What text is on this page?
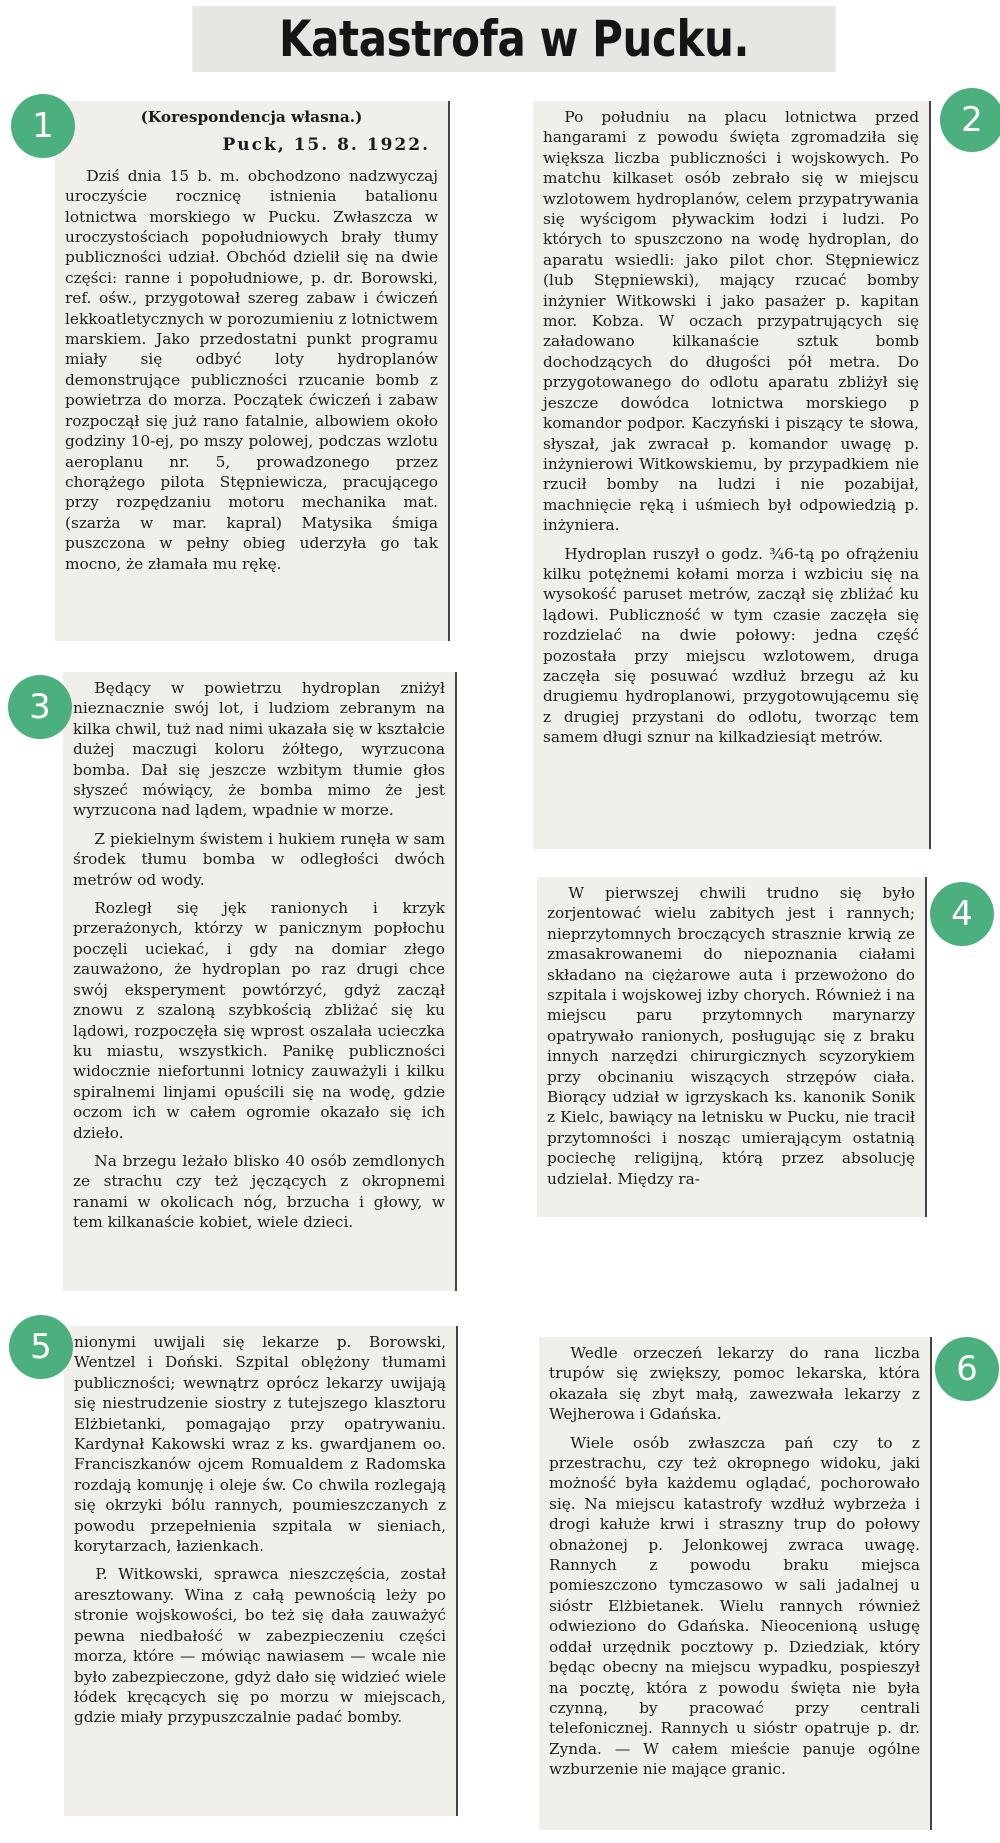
Katastrofa w Pucku.

(Korespondencja własna.)

Puck, 15. 8. 1922.

Dziś dnia 15 b. m. obchodzono nadzwyczaj uroczyście rocznicę istnienia batalionu lotnictwa morskiego w Pucku. Zwłaszcza w uroczystościach popołudniowych brały tłumy publiczności udział. Obchód dzielił się na dwie części: ranne i popołudniowe, p. dr. Borowski, ref. ośw., przygotował szereg zabaw i ćwiczeń lekkoatletycznych w porozumieniu z lotnictwem marskiem. Jako przedostatni punkt programu miały się odbyć loty hydroplanów demonstrujące publiczności rzucanie bomb z powietrza do morza. Początek ćwiczeń i zabaw rozpoczął się już rano fatalnie, albowiem około godziny 10-ej, po mszy polowej, podczas wzlotu aeroplanu nr. 5, prowadzonego przez chorążego pilota Stępniewicza, pracującego przy rozpędzaniu motoru mechanika mat. (szarża w mar. kapral) Matysika śmiga puszczona w pełny obieg uderzyła go tak mocno, że złamała mu rękę.

Po południu na placu lotnictwa przed hangarami z powodu święta zgromadziła się większa liczba publiczności i wojskowych. Po matchu kilkaset osób zebrało się w miejscu wzlotowem hydroplanów, celem przypatrywania się wyścigom pływackim łodzi i ludzi. Po których to spuszczono na wodę hydroplan, do aparatu wsiedli: jako pilot chor. Stępniewicz (lub Stępniewski), mający rzucać bomby inżynier Witkowski i jako pasażer p. kapitan mor. Kobza. W oczach przypatrujących się załadowano kilkanaście sztuk bomb dochodzących do długości pół metra. Do przygotowanego do odlotu aparatu zbliżył się jeszcze dowódca lotnictwa morskiego p komandor podpor. Kaczyński i piszący te słowa, słyszał, jak zwracał p. komandor uwagę p. inżynierowi Witkowskiemu, by przypadkiem nie rzucił bomby na ludzi i nie pozabijał, machnięcie ręką i uśmiech był odpowiedzią p. inżyniera.

Hydroplan ruszył o godz. ¾6-tą po ofrążeniu kilku potężnemi kołami morza i wzbiciu się na wysokość paruset metrów, zaczął się zbliżać ku lądowi. Publiczność w tym czasie zaczęła się rozdzielać na dwie połowy: jedna część pozostała przy miejscu wzlotowem, druga zaczęła się posuwać wzdłuż brzegu aż ku drugiemu hydroplanowi, przygotowującemu się z drugiej przystani do odlotu, tworząc tem samem długi sznur na kilkadziesiąt metrów.

Będący w powietrzu hydroplan zniżył nieznacznie swój lot, i ludziom zebranym na kilka chwil, tuż nad nimi ukazała się w kształcie dużej maczugi koloru żółtego, wyrzucona bomba. Dał się jeszcze wzbitym tłumie głos słyszeć mówiący, że bomba mimo że jest wyrzucona nad lądem, wpadnie w morze.

Z piekielnym świstem i hukiem runęła w sam środek tłumu bomba w odległości dwóch metrów od wody.

Rozległ się jęk ranionych i krzyk przerażonych, którzy w panicznym popłochu poczęli uciekać, i gdy na domiar złego zauważono, że hydroplan po raz drugi chce swój eksperyment powtórzyć, gdyż zaczął znowu z szaloną szybkością zbliżać się ku lądowi, rozpoczęła się wprost oszalała ucieczka ku miastu, wszystkich. Panikę publiczności widocznie niefortunni lotnicy zauważyli i kilku spiralnemi linjami opuścili się na wodę, gdzie oczom ich w całem ogromie okazało się ich dzieło.

Na brzegu leżało blisko 40 osób zemdlonych ze strachu czy też jęczących z okropnemi ranami w okolicach nóg, brzucha i głowy, w tem kilkanaście kobiet, wiele dzieci.

W pierwszej chwili trudno się było zorjentować wielu zabitych jest i rannych; nieprzytomnych broczących strasznie krwią ze zmasakrowanemi do niepoznania ciałami składano na ciężarowe auta i przewożono do szpitala i wojskowej izby chorych. Również i na miejscu paru przytomnych marynarzy opatrywało ranionych, posługując się z braku innych narzędzi chirurgicznych scyzorykiem przy obcinaniu wiszących strzępów ciała. Biorący udział w igrzyskach ks. kanonik Sonik z Kielc, bawiący na letnisku w Pucku, nie tracił przytomności i nosząc umierającym ostatnią pociechę religijną, którą przez absolucję udzielał. Między ra-

nionymi uwijali się lekarze p. Borowski, Wentzel i Doński. Szpital oblężony tłumami publiczności; wewnątrz oprócz lekarzy uwijają się niestrudzenie siostry z tutejszego klasztoru Elżbietanki, pomagająo przy opatrywaniu. Kardynał Kakowski wraz z ks. gwardjanem oo. Franciszkanów ojcem Romualdem z Radomska rozdają komunję i oleje św. Co chwila rozlegają się okrzyki bólu rannych, poumieszczanych z powodu przepełnienia szpitala w sieniach, korytarzach, łazienkach.

P. Witkowski, sprawca nieszczęścia, został aresztowany. Wina z całą pewnością leży po stronie wojskowości, bo też się dała zauważyć pewna niedbałość w zabezpieczeniu części morza, które — mówiąc nawiasem — wcale nie było zabezpieczone, gdyż dało się widzieć wiele łódek kręcących się po morzu w miejscach, gdzie miały przypuszczalnie padać bomby.

Wedle orzeczeń lekarzy do rana liczba trupów się zwiększy, pomoc lekarska, która okazała się zbyt małą, zawezwała lekarzy z Wejherowa i Gdańska.

Wiele osób zwłaszcza pań czy to z przestrachu, czy też okropnego widoku, jaki możność była każdemu oglądać, pochorowało się. Na miejscu katastrofy wzdłuż wybrzeża i drogi kałuże krwi i straszny trup do połowy obnażonej p. Jelonkowej zwraca uwagę. Rannych z powodu braku miejsca pomieszczono tymczasowo w sali jadalnej u sióstr Elżbietanek. Wielu rannych również odwieziono do Gdańska. Nieocenioną usługę oddał urzędnik pocztowy p. Dziedziak, który będąc obecny na miejscu wypadku, pospieszył na pocztę, która z powodu święta nie była czynną, by pracować przy centrali telefonicznej. Rannych u sióstr opatruje p. dr. Zynda. — W całem mieście panuje ogólne wzburzenie nie mające granic.

1	2
3
4
5
6
